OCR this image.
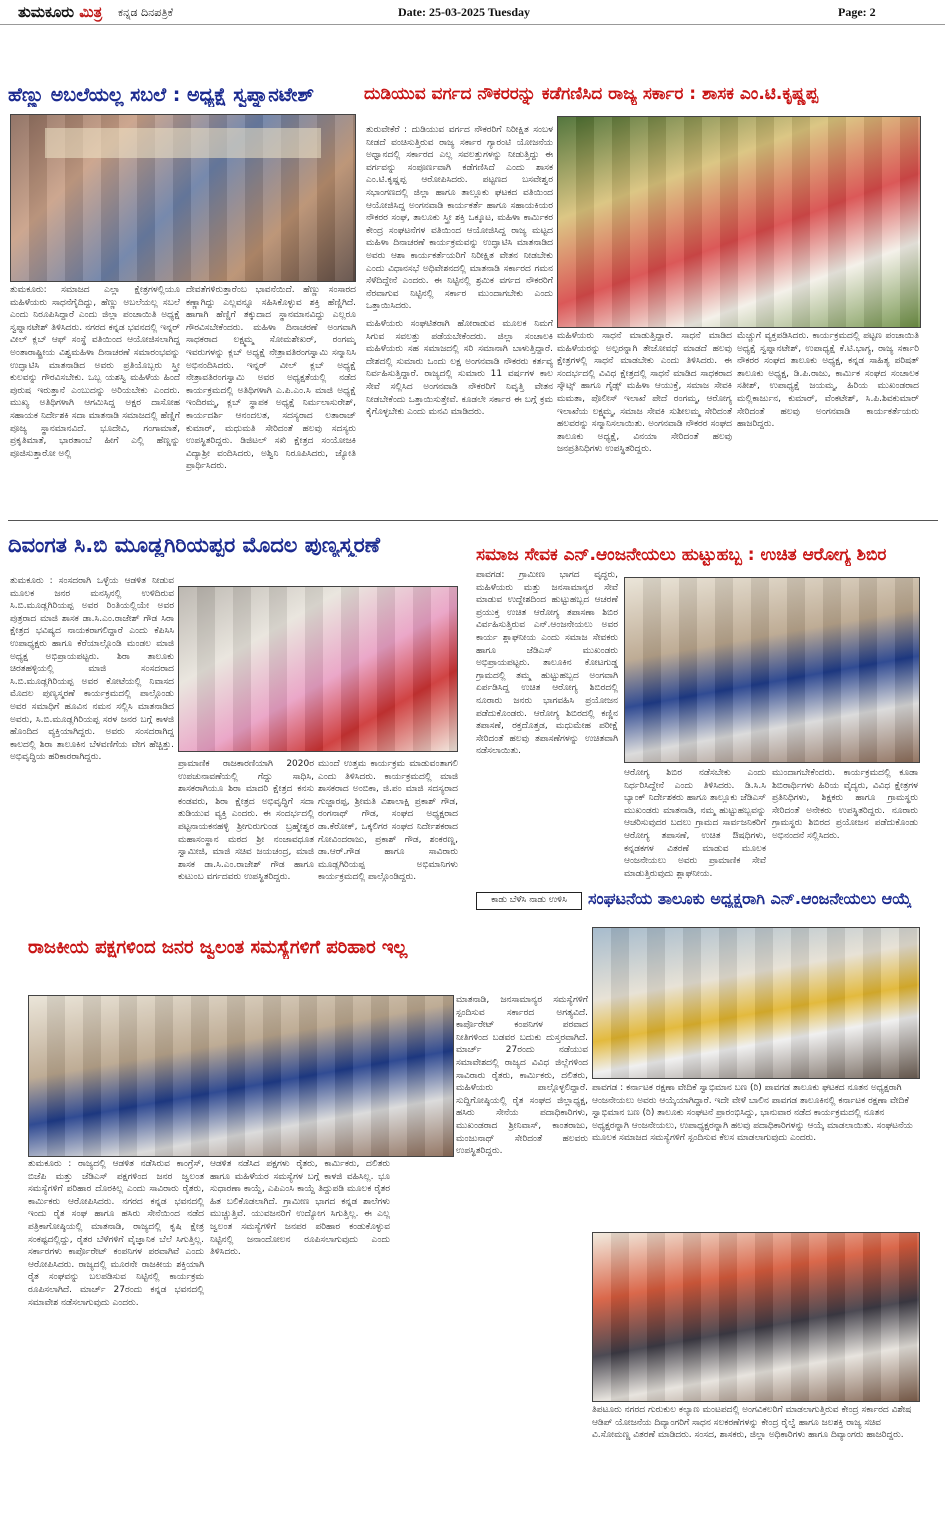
ತುಮಕೂರು ಮಿತ್ರ ಕನ್ನಡ ದಿನಪತ್ರಿಕೆ	Date: 25-03-2025 Tuesday	Page: 2
ಹೆಣ್ಣು ಅಬಲೆಯಲ್ಲ ಸಬಲೆ : ಅಧ್ಯಕ್ಷೆ ಸ್ವಪ್ನಾನಟೇಶ್
ತುಮಕೂರು: ಸಮಾಜದ ಎಲ್ಲಾ ಕ್ಷೇತ್ರಗಳಲ್ಲಿಯೂ ಮಹಿಳೆಯರು ಸಾಧನೆಗೈದಿದ್ದು, ಹೆಣ್ಣು ಅಬಲೆಯಲ್ಲ ಸಬಲೆ ಎಂದು ನಿರೂಪಿಸಿದ್ದಾರೆ ಎಂದು ಜಿಲ್ಲಾ ಪಂಚಾಯಿತಿ ಅಧ್ಯಕ್ಷೆ ಸ್ವಪ್ನಾನಟೇಶ್ ತಿಳಿಸಿದರು. ನಗರದ ಕನ್ನಡ ಭವನದಲ್ಲಿ ಇನ್ನರ್ ವೀಲ್ ಕ್ಲಬ್ ಆಫ್ ಸಂಸ್ಥೆ ವತಿಯಿಂದ ಆಯೋಜಿಸಲಾಗಿದ್ದ ಅಂತಾರಾಷ್ಟ್ರೀಯ ವಿಶ್ವಮಹಿಳಾ ದಿನಾಚರಣೆ ಸಮಾರಂಭವನ್ನು ಉದ್ಘಾಟಿಸಿ ಮಾತನಾಡಿದ ಅವರು ಪ್ರತಿಯೊಬ್ಬರು ಸ್ತ್ರೀ ಕುಲವನ್ನು ಗೌರವಿಸಬೇಕು. ಒಬ್ಬ ಯಶಸ್ವಿ ಮಹಿಳೆಯ ಹಿಂದೆ ಪುರುಷ ಇರುತ್ತಾನೆ ಎಂಬುದನ್ನು ಅರಿಯಬೇಕು ಎಂದರು. ಮುಖ್ಯ ಅತಿಥಿಗಳಾಗಿ ಆಗಮಿಸಿದ್ದ ಅಕ್ಷರ ದಾಸೋಹ ಸಹಾಯಕ ನಿರ್ದೇಶಕಿ ಸದಾ ಮಾತನಾಡಿ ಸಮಾಜದಲ್ಲಿ ಹೆಣ್ಣಿಗೆ ಪೂಜ್ಯ ಸ್ಥಾನಮಾನವಿದೆ. ಭೂದೇವಿ, ಗಂಗಾಮಾತೆ, ಪ್ರಕೃತಿಮಾತೆ, ಭಾರತಾಂಬೆ ಹೀಗೆ ಎಲ್ಲಿ ಹೆಣ್ಣನ್ನು ಪೂಜಿಸುತ್ತಾರೋ ಅಲ್ಲಿ
ದೇವತೆಗಳಿರುತ್ತಾರೆಂಬ ಭಾವನೆಯಿದೆ. ಹೆಣ್ಣು ಸಂಸಾರದ ಕಣ್ಣಾಗಿದ್ದು ಎಲ್ಲವನ್ನೂ ಸಹಿಸಿಕೊಳ್ಳುವ ಶಕ್ತಿ ಹೆಣ್ಣಿಗಿದೆ. ಹಾಗಾಗಿ ಹೆಣ್ಣಿಗೆ ತಕ್ಕುದಾದ ಸ್ಥಾನಮಾನವಿದ್ದು ಎಲ್ಲರೂ ಗೌರವಿಸಬೇಕೆಂದರು. ಮಹಿಳಾ ದಿನಾಚರಣೆ ಅಂಗವಾಗಿ ಸಾಧಕರಾದ ಲಕ್ಷ್ಮಮ್ಮ ಸೋಮಶೇಖರ್, ರಂಗಮ್ಮ ಇವರುಗಳನ್ನು ಕ್ಲಬ್ ಅಧ್ಯಕ್ಷೆ ನೇತ್ರಾವತಿರಂಗಸ್ವಾಮಿ ಸನ್ಮಾನಿಸಿ ಅಭಿನಂದಿಸಿದರು. ಇನ್ನರ್ ವೀಲ್ ಕ್ಲಬ್ ಅಧ್ಯಕ್ಷೆ ನೇತ್ರಾವತಿರಂಗಸ್ವಾಮಿ ಅವರ ಅಧ್ಯಕ್ಷತೆಯಲ್ಲಿ ನಡೆದ ಕಾರ್ಯಕ್ರಮದಲ್ಲಿ ಅತಿಥಿಗಳಾಗಿ ಎ.ಪಿ.ಎಂ.ಸಿ ಮಾಜಿ ಅಧ್ಯಕ್ಷೆ ಇಂದಿರಮ್ಮ, ಕ್ಲಬ್ ಸ್ಥಾಪಕ ಅಧ್ಯಕ್ಷೆ ನಿರ್ಮಲಾಸುರೇಶ್, ಕಾರ್ಯದರ್ಶಿ ಆನಂದಲತ, ಸದಸ್ಯರಾದ ಲತಾರಾಜ್ ಕುಮಾರ್, ಮಧುಮತಿ ಸೇರಿದಂತೆ ಹಲವು ಸದಸ್ಯರು ಉಪಸ್ಥಿತರಿದ್ದರು. ಡಿಜಿಟಲ್ ಸಖಿ ಕ್ಷೇತ್ರದ ಸಂಯೋಜಕಿ ವಿದ್ಯಾಶ್ರೀ ವಂದಿಸಿದರು, ಅಶ್ವಿನಿ ನಿರೂಪಿಸಿದರು, ಜ್ಯೋತಿ ಪ್ರಾರ್ಥಿಸಿದರು.
ದುಡಿಯುವ ವರ್ಗದ ನೌಕರರನ್ನು ಕಡೆಗಣಿಸಿದ ರಾಜ್ಯ ಸರ್ಕಾರ : ಶಾಸಕ ಎಂ.ಟಿ.ಕೃಷ್ಣಪ್ಪ
ತುರುವೇಕೆರೆ : ದುಡಿಯುವ ವರ್ಗದ ನೌಕರರಿಗೆ ನಿರೀಕ್ಷಿತ ಸಂಬಳ ನೀಡದೆ ವಂಚಿಸುತ್ತಿರುವ ರಾಜ್ಯ ಸರ್ಕಾರ ಗ್ಯಾರಂಟಿ ಯೋಜನೆಯ ಅಧ್ವಾನದಲ್ಲಿ ಸರ್ಕಾರದ ಎಲ್ಲ ಸವಲತ್ತುಗಳನ್ನು ನೀಡುತ್ತಿದ್ದು ಈ ವರ್ಗವನ್ನು ಸಂಪೂರ್ಣವಾಗಿ ಕಡೆಗಣಿಸಿದೆ ಎಂದು ಶಾಸಕ ಎಂ.ಟಿ.ಕೃಷ್ಣಪ್ಪ ಆರೋಪಿಸಿದರು. ಪಟ್ಟಣದ ಬಸವೇಶ್ವರ ಸಭಾಂಗಣದಲ್ಲಿ ಜಿಲ್ಲಾ ಹಾಗೂ ತಾಲ್ಲೂಕು ಘಟಕದ ವತಿಯಿಂದ ಆಯೋಜಿಸಿದ್ದ ಅಂಗನವಾಡಿ ಕಾರ್ಯಕರ್ತೆ ಹಾಗೂ ಸಹಾಯಕಿಯರ ನೌಕರರ ಸಂಘ, ತಾಲೂಕು ಸ್ತ್ರೀ ಶಕ್ತಿ ಒಕ್ಕೂಟ, ಮಹಿಳಾ ಕಾರ್ಮಿಕರ ಕೇಂದ್ರ ಸಂಘಟನೆಗಳ ವತಿಯಿಂದ ಆಯೋಜಿಸಿದ್ದ ರಾಜ್ಯ ಮಟ್ಟದ ಮಹಿಳಾ ದಿನಾಚರಣೆ ಕಾರ್ಯಕ್ರಮವನ್ನು ಉದ್ಘಾಟಿಸಿ ಮಾತನಾಡಿದ ಅವರು ಆಶಾ ಕಾರ್ಯಕರ್ತೆಯರಿಗೆ ನಿರೀಕ್ಷಿತ ವೇತನ ನೀಡಬೇಕು ಎಂದು ವಿಧಾನಸಭೆ ಅಧಿವೇಶನದಲ್ಲಿ ಮಾತನಾಡಿ ಸರ್ಕಾರದ ಗಮನ ಸೆಳೆದಿದ್ದೇನೆ ಎಂದರು. ಈ ನಿಟ್ಟಿನಲ್ಲಿ ಶ್ರಮಿಕ ವರ್ಗದ ನೌಕರರಿಗೆ ನೆರವಾಗುವ ನಿಟ್ಟಿನಲ್ಲಿ ಸರ್ಕಾರ ಮುಂದಾಗಬೇಕು ಎಂದು ಒತ್ತಾಯಿಸಿದರು.
ಮಹಿಳೆಯರು ಸಂಘಟಿತರಾಗಿ ಹೋರಾಡುವ ಮೂಲಕ ನಿಮಗೆ ಸಿಗುವ ಸವಲತ್ತು ಪಡೆಯಬೇಕೆಂದರು. ಜಿಲ್ಲಾ ಸಂಚಾಲಕಿ ಮಹಿಳೆಯರು ಸಹ ಸಮಾಜದಲ್ಲಿ ಸರಿ ಸಮಾನಾಗಿ ಬಾಳುತ್ತಿದ್ದಾರೆ. ದೇಶದಲ್ಲಿ ಸುಮಾರು ಒಂದು ಲಕ್ಷ ಅಂಗನವಾಡಿ ನೌಕರರು ಕರ್ತವ್ಯ ನಿರ್ವಹಿಸುತ್ತಿದ್ದಾರೆ. ರಾಜ್ಯದಲ್ಲಿ ಸುಮಾರು 11 ವರ್ಷಗಳ ಕಾಲ ಸೇವೆ ಸಲ್ಲಿಸಿದ ಅಂಗನವಾಡಿ ನೌಕರರಿಗೆ ನಿವೃತ್ತಿ ವೇತನ ನೀಡಬೇಕೆಂದು ಒತ್ತಾಯಿಸುತ್ತೇವೆ. ಕೂಡಲೇ ಸರ್ಕಾರ ಈ ಬಗ್ಗೆ ಕ್ರಮ ಕೈಗೊಳ್ಳಬೇಕು ಎಂದು ಮನವಿ ಮಾಡಿದರು.
ಮಹಿಳೆಯರು ಸಾಧನೆ ಮಾಡುತ್ತಿದ್ದಾರೆ. ಸಾಧನೆ ಮಾಡಿದ ಮಹಿಳೆಯರನ್ನು ಅಲ್ಪರನ್ನಾಗಿ ತೇಜೋವಧೆ ಮಾಡದೆ ಹಲವು ಕ್ಷೇತ್ರಗಳಲ್ಲಿ ಸಾಧನೆ ಮಾಡಬೇಕು ಎಂದು ತಿಳಿಸಿದರು. ಈ ಸಂದರ್ಭದಲ್ಲಿ ವಿವಿಧ ಕ್ಷೇತ್ರದಲ್ಲಿ ಸಾಧನೆ ಮಾಡಿದ ಸಾಧಕರಾದ ಸ್ಕೌಟ್ಸ್ ಹಾಗೂ ಗೈಡ್ಸ್ ಮಹಿಳಾ ಆಯುಕ್ತೆ, ಸಮಾಜ ಸೇವಕಿ ಮಮತಾ, ಪೊಲೀಸ್ ಇಲಾಖೆ ಪೇದೆ ರಂಗಮ್ಮ, ಆರೋಗ್ಯ ಇಲಾಖೆಯ ಲಕ್ಷ್ಮಮ್ಮ, ಸಮಾಜ ಸೇವಕಿ ಸುಶೀಲಮ್ಮ ಸೇರಿದಂತೆ ಹಲವರನ್ನು ಸನ್ಮಾನಿಸಲಾಯಿತು. ಅಂಗನವಾಡಿ ನೌಕರರ ಸಂಘದ ತಾಲೂಕು ಅಧ್ಯಕ್ಷೆ, ವಿನಯಾ ಸೇರಿದಂತೆ ಹಲವು ಜನಪ್ರತಿನಿಧಿಗಳು ಉಪಸ್ಥಿತರಿದ್ದರು.
ಮೆಚ್ಚುಗೆ ವ್ಯಕ್ತಪಡಿಸಿದರು. ಕಾರ್ಯಕ್ರಮದಲ್ಲಿ ಪಟ್ಟಣ ಪಂಚಾಯಿತಿ ಅಧ್ಯಕ್ಷೆ ಸ್ವಪ್ನಾನಟೇಶ್, ಉಪಾಧ್ಯಕ್ಷೆ ಕೆ.ಟಿ.ಭಾಗ್ಯ, ರಾಜ್ಯ ಸರ್ಕಾರಿ ನೌಕರರ ಸಂಘದ ತಾಲೂಕು ಅಧ್ಯಕ್ಷ, ಕನ್ನಡ ಸಾಹಿತ್ಯ ಪರಿಷತ್ ತಾಲೂಕು ಅಧ್ಯಕ್ಷ, ಡಿ.ಪಿ.ರಾಜು, ಕಾರ್ಮಿಕ ಸಂಘದ ಸಂಚಾಲಕ ಸತೀಶ್, ಉಪಾಧ್ಯಕ್ಷೆ ಜಯಮ್ಮ, ಹಿರಿಯ ಮುಖಂಡರಾದ ಮಲ್ಲಿಕಾರ್ಜುನ, ಕುಮಾರ್, ವೆಂಕಟೇಶ್, ಸಿ.ಪಿ.ಶಿವಕುಮಾರ್ ಸೇರಿದಂತೆ ಹಲವು ಅಂಗನವಾಡಿ ಕಾರ್ಯಕರ್ತೆಯರು ಹಾಜರಿದ್ದರು.
ದಿವಂಗತ ಸಿ.ಬಿ ಮೂಡ್ಲಗಿರಿಯಪ್ಪರ ಮೊದಲ ಪುಣ್ಯಸ್ಮರಣೆ
ತುಮಕೂರು : ಸಂಸದರಾಗಿ ಒಳ್ಳೆಯ ಆಡಳಿತ ನೀಡುವ ಮೂಲಕ ಜನರ ಮನಸ್ಸಿನಲ್ಲಿ ಉಳಿದಿರುವ ಸಿ.ಬಿ.ಮೂಡ್ಲಗಿರಿಯಪ್ಪ ಅವರ ರಿಂತಿಯಲ್ಲಿಯೇ ಅವರ ಪುತ್ರರಾದ ಮಾಜಿ ಶಾಸಕ ಡಾ.ಸಿ.ಎಂ.ರಾಜೇಶ್ ಗೌಡ ಸಿರಾ ಕ್ಷೇತ್ರದ ಭವಿಷ್ಯದ ನಾಯಕರಾಗಲಿದ್ದಾರೆ ಎಂದು ಕೆಪಿಸಿಸಿ ಉಪಾಧ್ಯಕ್ಷರು ಹಾಗೂ ಕೆರೆಯಾಲ್ಗೊಂಡಿ ಮಂಡಲ ಮಾಜಿ ಅಧ್ಯಕ್ಷ ಅಭಿಪ್ರಾಯಪಟ್ಟರು. ಶಿರಾ ತಾಲೂಕು ಚಿರತಹಳ್ಳಿಯಲ್ಲಿ ಮಾಜಿ ಸಂಸದರಾದ ಸಿ.ಬಿ.ಮೂಡ್ಲಗಿರಿಯಪ್ಪ ಅವರ ಕೋಟೆಯಲ್ಲಿ ನಿವಾಸದ ಮೊದಲ ಪುಣ್ಯಸ್ಮರಣೆ ಕಾರ್ಯಕ್ರಮದಲ್ಲಿ ಪಾಲ್ಗೊಂಡು ಅವರ ಸಮಾಧಿಗೆ ಹೂವಿನ ನಮನ ಸಲ್ಲಿಸಿ ಮಾತನಾಡಿದ ಅವರು, ಸಿ.ಬಿ.ಮೂಡ್ಲಗಿರಿಯಪ್ಪ ಸರಳ ಜನರ ಬಗ್ಗೆ ಕಾಳಜಿ ಹೊಂದಿದ ವ್ಯಕ್ತಿಯಾಗಿದ್ದರು. ಅವರು ಸಂಸದರಾಗಿದ್ದ ಕಾಲದಲ್ಲಿ ಶಿರಾ ತಾಲೂಕಿನ ಬೆಳವಣಿಗೆಯ ವೇಗ ಹೆಚ್ಚಿತ್ತು. ಅಭಿವೃದ್ಧಿಯ ಹರಿಕಾರರಾಗಿದ್ದರು.
ಪ್ರಾಮಾಣಿಕ ರಾಜಕಾರಣಿಯಾಗಿ 2020ರ ಉಪಚುನಾವಣೆಯಲ್ಲಿ ಗೆದ್ದು ಸಾಧಿಸಿ, ಶಾಸಕರಾಗಿಯೂ ಶಿರಾ ಮಾದರಿ ಕ್ಷೇತ್ರದ ಕನಸು ಕಂಡವರು, ಶಿರಾ ಕ್ಷೇತ್ರದ ಅಭಿವೃದ್ಧಿಗೆ ಸದಾ ತುಡಿಯುವ ವ್ಯಕ್ತಿ ಎಂದರು. ಈ ಸಂದರ್ಭದಲ್ಲಿ ಪಟ್ಟನಾಯಕನಹಳ್ಳಿ ಶ್ರೀಗುರುಗುಂಡ ಬ್ರಹ್ಮೇಶ್ವರ ಮಹಾಸಂಸ್ಥಾನ ಮಠದ ಶ್ರೀ ನಂಜಾವಧೂತ ಸ್ವಾಮೀಜಿ, ಮಾಜಿ ಸಚಿವ ಜಯಚಂದ್ರ, ಮಾಜಿ ಶಾಸಕ ಡಾ.ಸಿ.ಎಂ.ರಾಜೇಶ್ ಗೌಡ ಹಾಗೂ ಕುಟುಂಬ ವರ್ಗದವರು ಉಪಸ್ಥಿತರಿದ್ದರು.
ಮುಂದೆ ಉತ್ತಮ ಕಾರ್ಯಕ್ರಮ ಮಾಡುವಂತಾಗಲಿ ಎಂದು ತಿಳಿಸಿದರು. ಕಾರ್ಯಕ್ರಮದಲ್ಲಿ ಮಾಜಿ ಶಾಸಕರಾದ ಅಂಬಿಕಾ, ಜಿ.ಪಂ ಮಾಜಿ ಸದಸ್ಯರಾದ ಗುಜ್ಜಾರಪ್ಪ, ಶ್ರೀಮತಿ ವಿಶಾಲಾಕ್ಷಿ ಪ್ರಕಾಶ್ ಗೌಡ, ರಂಗನಾಥ್ ಗೌಡ, ಸಂಘದ ಅಧ್ಯಕ್ಷರಾದ ಡಾ.ಕೆರೋಕ್, ಒಕ್ಕಲಿಗರ ಸಂಘದ ನಿರ್ದೇಶಕರಾದ ಗೋವಿಂದರಾಜು, ಪ್ರಕಾಶ್ ಗೌಡ, ಶಂಕರಣ್ಣ, ಡಾ.ಆರ್.ಗೌಡ ಹಾಗೂ ಸಾವಿರಾರು ಮೂಡ್ಲಗಿರಿಯಪ್ಪ ಅಭಿಮಾನಿಗಳು ಕಾರ್ಯಕ್ರಮದಲ್ಲಿ ಪಾಲ್ಗೊಂಡಿದ್ದರು.
ಸಮಾಜ ಸೇವಕ ಎನ್.ಆಂಜನೇಯಲು ಹುಟ್ಟುಹಬ್ಬ : ಉಚಿತ ಆರೋಗ್ಯ ಶಿಬಿರ
ಪಾವಗಡ: ಗ್ರಾಮೀಣ ಭಾಗದ ವೃದ್ಧರು, ಮಹಿಳೆಯರು ಮತ್ತು ಜನಸಾಮಾನ್ಯರ ಸೇವೆ ಮಾಡುವ ಉದ್ದೇಶದಿಂದ ಹುಟ್ಟುಹಬ್ಬದ ಆಚರಣೆ ಪ್ರಯುಕ್ತ ಉಚಿತ ಆರೋಗ್ಯ ತಪಾಸಣಾ ಶಿಬಿರ ವಿರ್ವಹಿಸುತ್ತಿರುವ ಎನ್.ಆಂಜನೇಯಲು ಅವರ ಕಾರ್ಯ ಶ್ಲಾಘನೀಯ ಎಂದು ಸಮಾಜ ಸೇವಕರು ಹಾಗೂ ಜೆಡಿಎಸ್ ಮುಖಂಡರು ಅಭಿಪ್ರಾಯಪಟ್ಟರು. ತಾಲೂಕಿನ ಕೋಟಗುಡ್ಡ ಗ್ರಾಮದಲ್ಲಿ ತಮ್ಮ ಹುಟ್ಟುಹಬ್ಬದ ಅಂಗವಾಗಿ ಏರ್ಪಡಿಸಿದ್ದ ಉಚಿತ ಆರೋಗ್ಯ ಶಿಬಿರದಲ್ಲಿ ನೂರಾರು ಜನರು ಭಾಗವಹಿಸಿ ಪ್ರಯೋಜನ ಪಡೆದುಕೊಂಡರು. ಆರೋಗ್ಯ ಶಿಬಿರದಲ್ಲಿ ಕಣ್ಣಿನ ತಪಾಸಣೆ, ರಕ್ತದೊತ್ತಡ, ಮಧುಮೇಹ ಪರೀಕ್ಷೆ ಸೇರಿದಂತೆ ಹಲವು ತಪಾಸಣೆಗಳನ್ನು ಉಚಿತವಾಗಿ ನಡೆಸಲಾಯಿತು.
ಆರೋಗ್ಯ ಶಿಬಿರ ನಡೆಸಬೇಕು ಎಂದು ನಿರ್ಧರಿಸಿದ್ದೇನೆ ಎಂದು ತಿಳಿಸಿದರು. ಡಿ.ಸಿ.ಸಿ ಬ್ಯಾಂಕ್ ನಿರ್ದೇಶಕರು ಹಾಗೂ ತಾಲ್ಲೂಕು ಜೆಡಿಎಸ್ ಮುಖಂಡರು ಮಾತನಾಡಿ, ನಮ್ಮ ಹುಟ್ಟುಹಬ್ಬವನ್ನು ಆಚರಿಸುವುದರ ಬದಲು ಗ್ರಾಮದ ಸಾರ್ವಜನಿಕರಿಗೆ ಆರೋಗ್ಯ ತಪಾಸಣೆ, ಉಚಿತ ಔಷಧಿಗಳು, ಕನ್ನಡಕಗಳ ವಿತರಣೆ ಮಾಡುವ ಮೂಲಕ ಆಂಜನೇಯಲು ಅವರು ಪ್ರಾಮಾಣಿಕ ಸೇವೆ ಮಾಡುತ್ತಿರುವುದು ಶ್ಲಾಘನೀಯ.
ಮುಂದಾಗಬೇಕೆಂದರು. ಕಾರ್ಯಕ್ರಮದಲ್ಲಿ ಕೂಡಾ ಶಿಬಿರಾರ್ಥಿಗಳು ಹಿರಿಯ ವೈದ್ಯರು, ವಿವಿಧ ಕ್ಷೇತ್ರಗಳ ಪ್ರತಿನಿಧಿಗಳು, ಶಿಕ್ಷಕರು ಹಾಗೂ ಗ್ರಾಮಸ್ಥರು ಸೇರಿದಂತೆ ಅನೇಕರು ಉಪಸ್ಥಿತರಿದ್ದರು. ನೂರಾರು ಗ್ರಾಮಸ್ಥರು ಶಿಬಿರದ ಪ್ರಯೋಜನ ಪಡೆದುಕೊಂಡು ಅಭಿನಂದನೆ ಸಲ್ಲಿಸಿದರು.
ಕಾಡು ಬೆಳೆಸಿ ನಾಡು ಉಳಿಸಿ	ಸಂಘಟನೆಯ ತಾಲೂಕು ಅಧ್ಯಕ್ಷರಾಗಿ ಎನ್.ಆಂಜನೇಯಲು ಆಯ್ಕೆ
ಪಾವಗಡ : ಕರ್ನಾಟಕ ರಕ್ಷಣಾ ವೇದಿಕೆ ಸ್ವಾಭಿಮಾನ ಬಣ (ರಿ) ಪಾವಗಡ ತಾಲೂಕು ಘಟಕದ ನೂತನ ಅಧ್ಯಕ್ಷರಾಗಿ ಆಂಜನೇಯಲು ಅವರು ಆಯ್ಕೆಯಾಗಿದ್ದಾರೆ. ಇದೇ ವೇಳೆ ಬಾಲಿನ ಪಾವಗಡ ತಾಲೂಕಿನಲ್ಲಿ ಕರ್ನಾಟಕ ರಕ್ಷಣಾ ವೇದಿಕೆ ಸ್ವಾಭಿಮಾನ ಬಣ (ರಿ) ತಾಲೂಕು ಸಂಘಟನೆ ಪ್ರಾರಂಭಿಸಿದ್ದು, ಭಾನುವಾರ ನಡೆದ ಕಾರ್ಯಕ್ರಮದಲ್ಲಿ ನೂತನ ಅಧ್ಯಕ್ಷರನ್ನಾಗಿ ಆಂಜನೇಯಲು, ಉಪಾಧ್ಯಕ್ಷರನ್ನಾಗಿ ಹಲವು ಪದಾಧಿಕಾರಿಗಳನ್ನು ಆಯ್ಕೆ ಮಾಡಲಾಯಿತು. ಸಂಘಟನೆಯ ಮೂಲಕ ಸಮಾಜದ ಸಮಸ್ಯೆಗಳಿಗೆ ಸ್ಪಂದಿಸುವ ಕೆಲಸ ಮಾಡಲಾಗುವುದು ಎಂದರು.
ತಿಪಟೂರು ನಗರದ ಗುರುಕುಲ ಕಲ್ಯಾಣ ಮಂಟಪದಲ್ಲಿ ಅಂಗವಿಕಲರಿಗೆ ಮಾಡಲಾಗುತ್ತಿರುವ ಕೇಂದ್ರ ಸರ್ಕಾರದ ವಿಶೇಷ ಆಡಿಪ್ ಯೋಜನೆಯ ದಿವ್ಯಾಂಗರಿಗೆ ಸಾಧನ ಸಲಕರಣೆಗಳನ್ನು ಕೇಂದ್ರ ರೈಲ್ವೆ ಹಾಗೂ ಜಲಶಕ್ತಿ ರಾಜ್ಯ ಸಚಿವ ವಿ.ಸೋಮಣ್ಣ ವಿತರಣೆ ಮಾಡಿದರು. ಸಂಸದ, ಶಾಸಕರು, ಜಿಲ್ಲಾ ಅಧಿಕಾರಿಗಳು ಹಾಗೂ ದಿವ್ಯಾಂಗರು ಹಾಜರಿದ್ದರು.
ರಾಜಕೀಯ ಪಕ್ಷಗಳಿಂದ ಜನರ ಜ್ವಲಂತ ಸಮಸ್ಯೆಗಳಿಗೆ ಪರಿಹಾರ ಇಲ್ಲ
ತುಮಕೂರು : ರಾಜ್ಯದಲ್ಲಿ ಆಡಳಿತ ನಡೆಸಿರುವ ಕಾಂಗ್ರೆಸ್, ಬಿಜೆಪಿ ಮತ್ತು ಜೆಡಿಎಸ್ ಪಕ್ಷಗಳಿಂದ ಜನರ ಜ್ವಲಂತ ಸಮಸ್ಯೆಗಳಿಗೆ ಪರಿಹಾರ ದೊರಕಿಲ್ಲ ಎಂದು ಸಾವಿರಾರು ರೈತರು, ಕಾರ್ಮಿಕರು ಆರೋಪಿಸಿದರು. ನಗರದ ಕನ್ನಡ ಭವನದಲ್ಲಿ ಇಂದು ರೈತ ಸಂಘ ಹಾಗೂ ಹಸಿರು ಸೇನೆಯಿಂದ ನಡೆದ ಪತ್ರಿಕಾಗೋಷ್ಠಿಯಲ್ಲಿ ಮಾತನಾಡಿ, ರಾಜ್ಯದಲ್ಲಿ ಕೃಷಿ ಕ್ಷೇತ್ರ ಸಂಕಷ್ಟದಲ್ಲಿದ್ದು, ರೈತರ ಬೆಳೆಗಳಿಗೆ ವೈಜ್ಞಾನಿಕ ಬೆಲೆ ಸಿಗುತ್ತಿಲ್ಲ. ಸರ್ಕಾರಗಳು ಕಾರ್ಪೊರೇಟ್ ಕಂಪನಿಗಳ ಪರವಾಗಿವೆ ಎಂದು ಆರೋಪಿಸಿದರು. ರಾಜ್ಯದಲ್ಲಿ ಮೂರನೇ ರಾಜಕೀಯ ಶಕ್ತಿಯಾಗಿ ರೈತ ಸಂಘವನ್ನು ಬಲಪಡಿಸುವ ನಿಟ್ಟಿನಲ್ಲಿ ಕಾರ್ಯಕ್ರಮ ರೂಪಿಸಲಾಗಿದೆ. ಮಾರ್ಚ್ 27ರಂದು ಕನ್ನಡ ಭವನದಲ್ಲಿ ಸಮಾವೇಶ ನಡೆಸಲಾಗುವುದು ಎಂದರು.
ಆಡಳಿತ ನಡೆಸಿದ ಪಕ್ಷಗಳು ರೈತರು, ಕಾರ್ಮಿಕರು, ದಲಿತರು ಹಾಗೂ ಮಹಿಳೆಯರ ಸಮಸ್ಯೆಗಳ ಬಗ್ಗೆ ಕಾಳಜಿ ವಹಿಸಿಲ್ಲ. ಭೂ ಸುಧಾರಣಾ ಕಾಯ್ದೆ, ಎಪಿಎಂಸಿ ಕಾಯ್ದೆ ತಿದ್ದುಪಡಿ ಮೂಲಕ ರೈತರ ಹಿತ ಬಲಿಕೊಡಲಾಗಿದೆ. ಗ್ರಾಮೀಣ ಭಾಗದ ಕನ್ನಡ ಶಾಲೆಗಳು ಮುಚ್ಚುತ್ತಿವೆ. ಯುವಜನರಿಗೆ ಉದ್ಯೋಗ ಸಿಗುತ್ತಿಲ್ಲ. ಈ ಎಲ್ಲ ಜ್ವಲಂತ ಸಮಸ್ಯೆಗಳಿಗೆ ಜನಪರ ಪರಿಹಾರ ಕಂಡುಕೊಳ್ಳುವ ನಿಟ್ಟಿನಲ್ಲಿ ಜನಾಂದೋಲನ ರೂಪಿಸಲಾಗುವುದು ಎಂದು ತಿಳಿಸಿದರು.
ಮಾತನಾಡಿ, ಜನಸಾಮಾನ್ಯರ ಸಮಸ್ಯೆಗಳಿಗೆ ಸ್ಪಂದಿಸುವ ಸರ್ಕಾರದ ಅಗತ್ಯವಿದೆ. ಕಾರ್ಪೊರೇಟ್ ಕಂಪನಿಗಳ ಪರವಾದ ನೀತಿಗಳಿಂದ ಬಡವರ ಬದುಕು ದುಸ್ತರವಾಗಿದೆ. ಮಾರ್ಚ್ 27ರಂದು ನಡೆಯುವ ಸಮಾವೇಶದಲ್ಲಿ ರಾಜ್ಯದ ವಿವಿಧ ಜಿಲ್ಲೆಗಳಿಂದ ಸಾವಿರಾರು ರೈತರು, ಕಾರ್ಮಿಕರು, ದಲಿತರು, ಮಹಿಳೆಯರು ಪಾಲ್ಗೊಳ್ಳಲಿದ್ದಾರೆ. ಸುದ್ದಿಗೋಷ್ಠಿಯಲ್ಲಿ ರೈತ ಸಂಘದ ಜಿಲ್ಲಾಧ್ಯಕ್ಷ, ಹಸಿರು ಸೇನೆಯ ಪದಾಧಿಕಾರಿಗಳು, ಮುಖಂಡರಾದ ಶ್ರೀನಿವಾಸ್, ಕಾಂತರಾಜು, ಮಂಜುನಾಥ್ ಸೇರಿದಂತೆ ಹಲವರು ಉಪಸ್ಥಿತರಿದ್ದರು.
